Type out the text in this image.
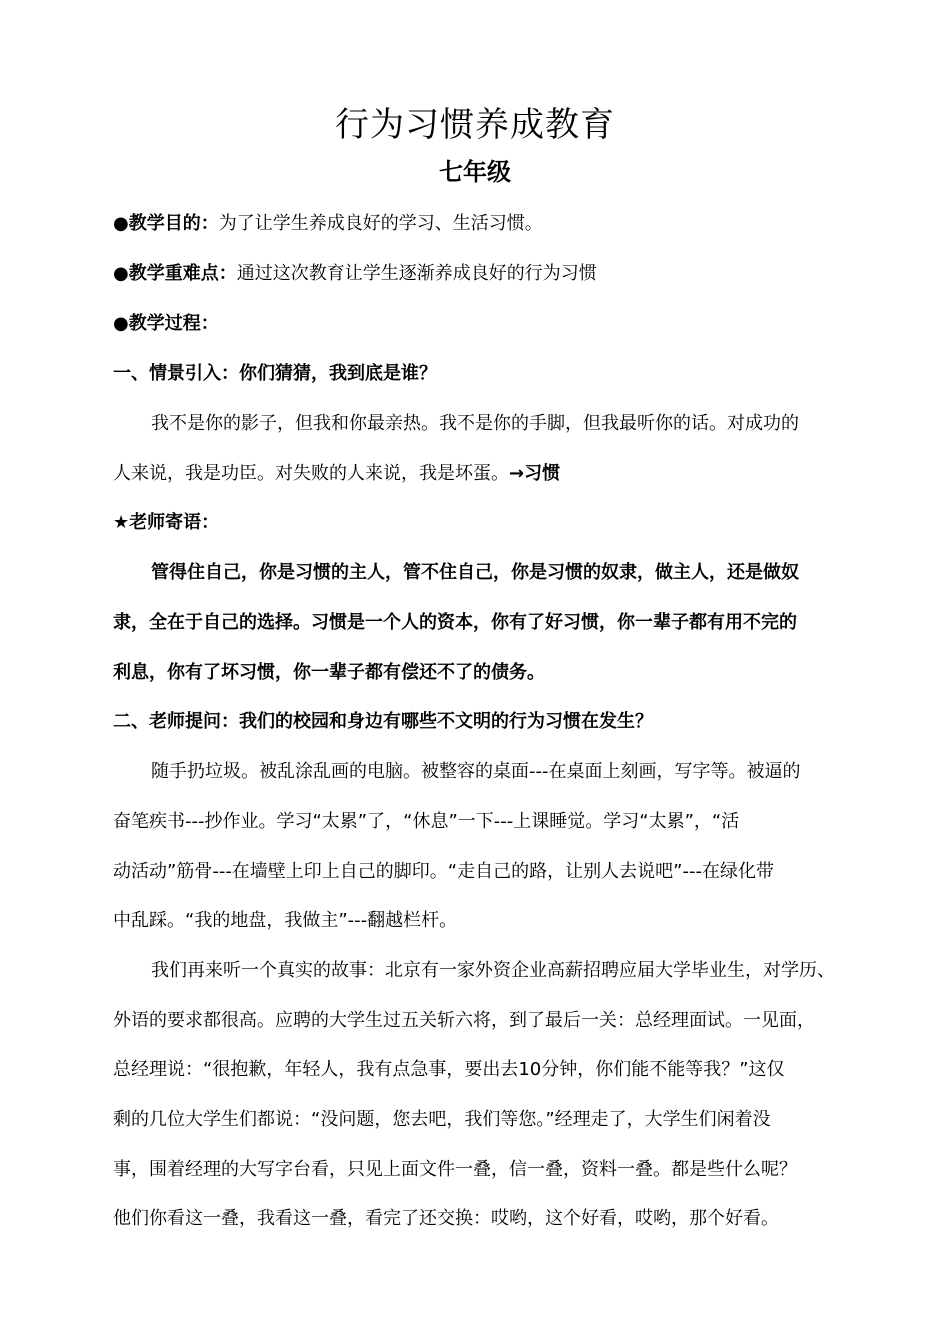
行为习惯养成教育
七年级
●教学目的：为了让学生养成良好的学习、生活习惯。
●教学重难点：通过这次教育让学生逐渐养成良好的行为习惯
●教学过程：
一、情景引入：你们猜猜，我到底是谁？
我不是你的影子，但我和你最亲热。我不是你的手脚，但我最听你的话。对成功的
人来说，我是功臣。对失败的人来说，我是坏蛋。→习惯
★老师寄语：
管得住自己，你是习惯的主人，管不住自己，你是习惯的奴隶，做主人，还是做奴
隶，全在于自己的选择。习惯是一个人的资本，你有了好习惯，你一辈子都有用不完的
利息，你有了坏习惯，你一辈子都有偿还不了的债务。
二、老师提问：我们的校园和身边有哪些不文明的行为习惯在发生？
随手扔垃圾。被乱涂乱画的电脑。被整容的桌面---在桌面上刻画，写字等。被逼的
奋笔疾书---抄作业。学习“太累”了，“休息”一下---上课睡觉。学习“太累”，“活
动活动”筋骨---在墙壁上印上自己的脚印。“走自己的路，让别人去说吧”---在绿化带
中乱踩。“我的地盘，我做主”---翻越栏杆。
我们再来听一个真实的故事：北京有一家外资企业高薪招聘应届大学毕业生，对学历、
外语的要求都很高。应聘的大学生过五关斩六将，到了最后一关：总经理面试。一见面，
总经理说：“很抱歉，年轻人，我有点急事，要出去10分钟，你们能不能等我？”这仅
剩的几位大学生们都说：“没问题，您去吧，我们等您。”经理走了，大学生们闲着没
事，围着经理的大写字台看，只见上面文件一叠，信一叠，资料一叠。都是些什么呢？
他们你看这一叠，我看这一叠，看完了还交换：哎哟，这个好看，哎哟，那个好看。
